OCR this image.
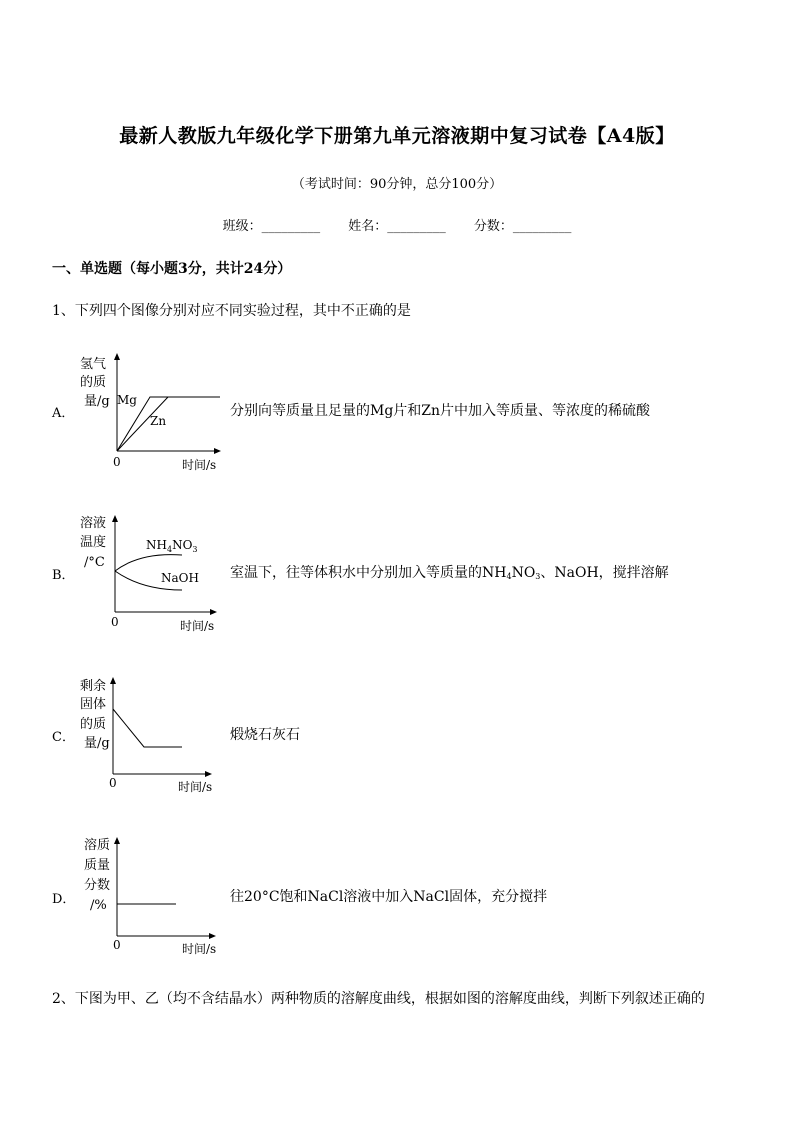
最新人教版九年级化学下册第九单元溶液期中复习试卷【A4版】
（考试时间：90分钟，总分100分）
班级：_________ 姓名：_________ 分数：_________
一、单选题（每小题3分，共计24分）
1、下列四个图像分别对应不同实验过程，其中不正确的是
A．
氢气
的质
量/g Mg
Zn
0	时间/s
分别向等质量且足量的Mg片和Zn片中加入等质量、等浓度的稀硫酸
B．
溶液
温度
/°C
$NH_4NO_3$
NaOH
0	时间/s
室温下，往等体积水中分别加入等质量的$NH_4NO_3$、NaOH，搅拌溶解
C．
剩余
固体
的质
量/g
0	时间/s
煅烧石灰石
D．
溶质
质量
分数
/%
0	时间/s
往20°C饱和NaCl溶液中加入NaCl固体，充分搅拌
2、下图为甲、乙（均不含结晶水）两种物质的溶解度曲线，根据如图的溶解度曲线，判断下列叙述正确的
